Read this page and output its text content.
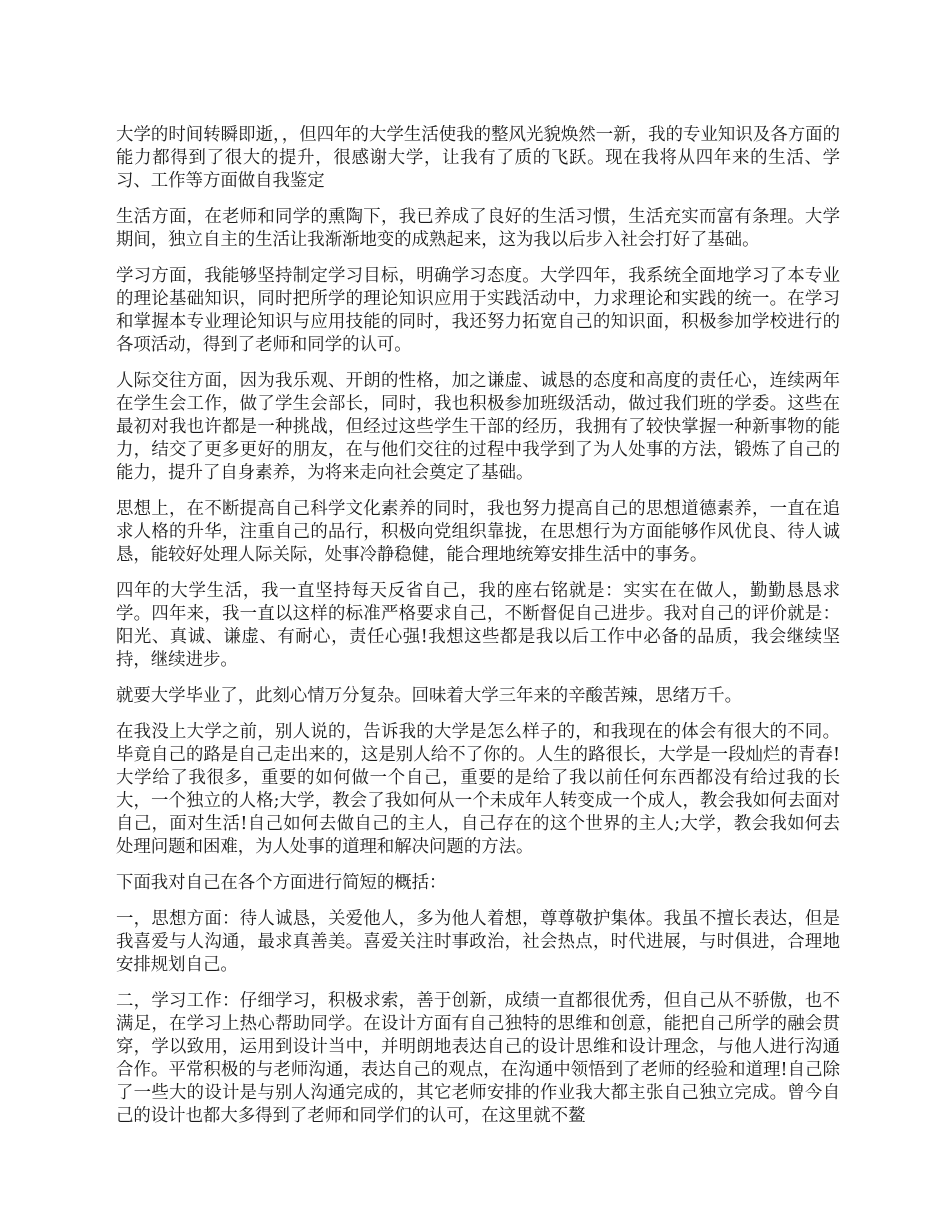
大学的时间转瞬即逝，，但四年的大学生活使我的整风光貌焕然一新，我的专业知识及各方面的能力都得到了很大的提升，很感谢大学，让我有了质的飞跃。现在我将从四年来的生活、学习、工作等方面做自我鉴定

生活方面，在老师和同学的熏陶下，我已养成了良好的生活习惯，生活充实而富有条理。大学期间，独立自主的生活让我渐渐地变的成熟起来，这为我以后步入社会打好了基础。

学习方面，我能够坚持制定学习目标，明确学习态度。大学四年，我系统全面地学习了本专业的理论基础知识，同时把所学的理论知识应用于实践活动中，力求理论和实践的统一。在学习和掌握本专业理论知识与应用技能的同时，我还努力拓宽自己的知识面，积极参加学校进行的各项活动，得到了老师和同学的认可。

人际交往方面，因为我乐观、开朗的性格，加之谦虚、诚恳的态度和高度的责任心，连续两年在学生会工作，做了学生会部长，同时，我也积极参加班级活动，做过我们班的学委。这些在最初对我也许都是一种挑战，但经过这些学生干部的经历，我拥有了较快掌握一种新事物的能力，结交了更多更好的朋友，在与他们交往的过程中我学到了为人处事的方法，锻炼了自己的能力，提升了自身素养，为将来走向社会奠定了基础。

思想上，在不断提高自己科学文化素养的同时，我也努力提高自己的思想道德素养，一直在追求人格的升华，注重自己的品行，积极向党组织靠拢，在思想行为方面能够作风优良、待人诚恳，能较好处理人际关际，处事冷静稳健，能合理地统筹安排生活中的事务。

四年的大学生活，我一直坚持每天反省自己，我的座右铭就是：实实在在做人，勤勤恳恳求学。四年来，我一直以这样的标准严格要求自己，不断督促自己进步。我对自己的评价就是：阳光、真诚、谦虚、有耐心，责任心强!我想这些都是我以后工作中必备的品质，我会继续坚持，继续进步。

就要大学毕业了，此刻心情万分复杂。回味着大学三年来的辛酸苦辣，思绪万千。

在我没上大学之前，别人说的，告诉我的大学是怎么样子的，和我现在的体会有很大的不同。毕竟自己的路是自己走出来的，这是别人给不了你的。人生的路很长，大学是一段灿烂的青春!大学给了我很多，重要的如何做一个自己，重要的是给了我以前任何东西都没有给过我的长大，一个独立的人格;大学，教会了我如何从一个未成年人转变成一个成人，教会我如何去面对自己，面对生活!自己如何去做自己的主人，自己存在的这个世界的主人;大学，教会我如何去处理问题和困难，为人处事的道理和解决问题的方法。

下面我对自己在各个方面进行简短的概括：

一，思想方面：待人诚恳，关爱他人，多为他人着想，尊尊敬护集体。我虽不擅长表达，但是我喜爱与人沟通，最求真善美。喜爱关注时事政治，社会热点，时代进展，与时俱进，合理地安排规划自己。

二，学习工作：仔细学习，积极求索，善于创新，成绩一直都很优秀，但自己从不骄傲，也不满足，在学习上热心帮助同学。在设计方面有自己独特的思维和创意，能把自己所学的融会贯穿，学以致用，运用到设计当中，并明朗地表达自己的设计思维和设计理念，与他人进行沟通合作。平常积极的与老师沟通，表达自己的观点，在沟通中领悟到了老师的经验和道理!自己除了一些大的设计是与别人沟通完成的，其它老师安排的作业我大都主张自己独立完成。曾今自己的设计也都大多得到了老师和同学们的认可，在这里就不鳌
